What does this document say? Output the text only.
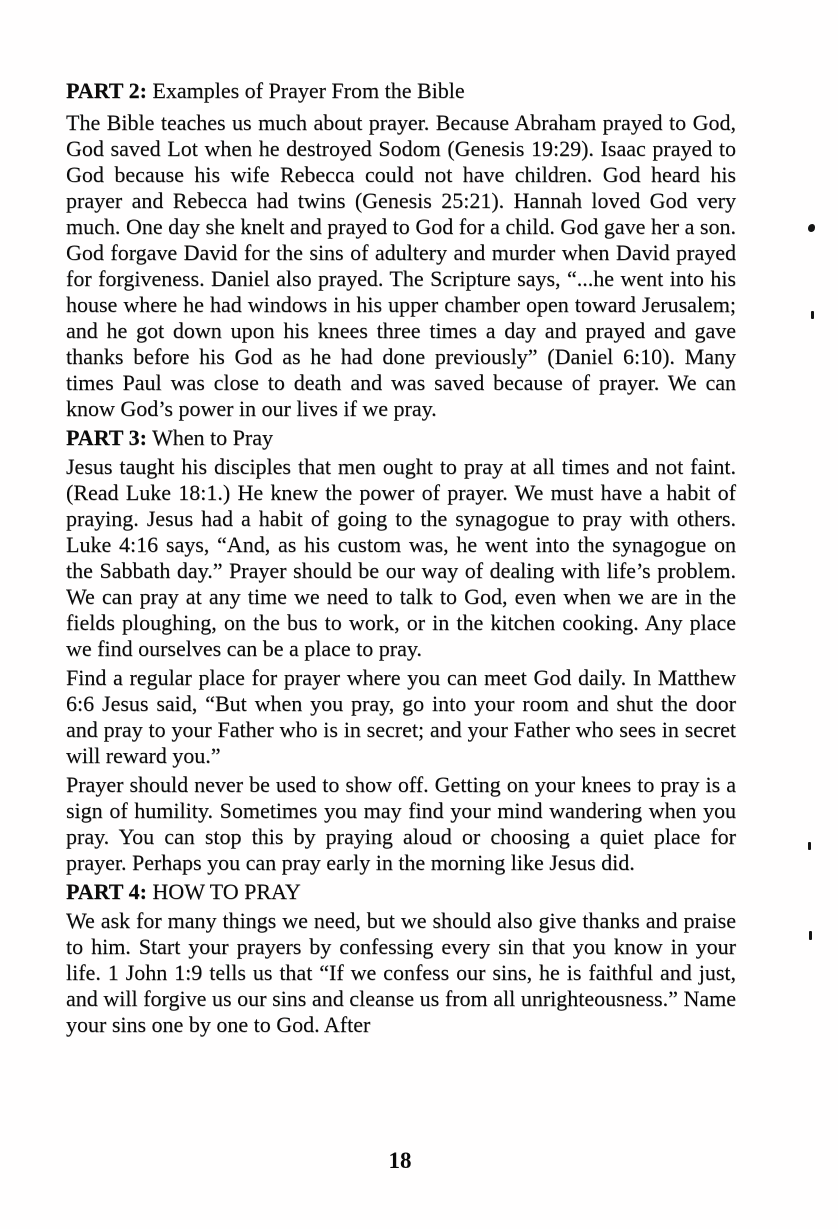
PART 2: Examples of Prayer From the Bible

The Bible teaches us much about prayer. Because Abraham prayed to God, God saved Lot when he destroyed Sodom (Genesis 19:29). Isaac prayed to God because his wife Rebecca could not have children. God heard his prayer and Rebecca had twins (Genesis 25:21). Hannah loved God very much. One day she knelt and prayed to God for a child. God gave her a son. God forgave David for the sins of adultery and murder when David prayed for forgiveness. Daniel also prayed. The Scripture says, “...he went into his house where he had windows in his upper chamber open toward Jerusalem; and he got down upon his knees three times a day and prayed and gave thanks before his God as he had done previously” (Daniel 6:10). Many times Paul was close to death and was saved because of prayer. We can know God’s power in our lives if we pray.

PART 3: When to Pray

Jesus taught his disciples that men ought to pray at all times and not faint. (Read Luke 18:1.) He knew the power of prayer. We must have a habit of praying. Jesus had a habit of going to the synagogue to pray with others. Luke 4:16 says, “And, as his custom was, he went into the synagogue on the Sabbath day.” Prayer should be our way of dealing with life’s problem. We can pray at any time we need to talk to God, even when we are in the fields ploughing, on the bus to work, or in the kitchen cooking. Any place we find ourselves can be a place to pray.

Find a regular place for prayer where you can meet God daily. In Matthew 6:6 Jesus said, “But when you pray, go into your room and shut the door and pray to your Father who is in secret; and your Father who sees in secret will reward you.”

Prayer should never be used to show off. Getting on your knees to pray is a sign of humility. Sometimes you may find your mind wandering when you pray. You can stop this by praying aloud or choosing a quiet place for prayer. Perhaps you can pray early in the morning like Jesus did.

PART 4: HOW TO PRAY

We ask for many things we need, but we should also give thanks and praise to him. Start your prayers by confessing every sin that you know in your life. 1 John 1:9 tells us that “If we confess our sins, he is faithful and just, and will forgive us our sins and cleanse us from all unrighteousness.” Name your sins one by one to God. After

18
